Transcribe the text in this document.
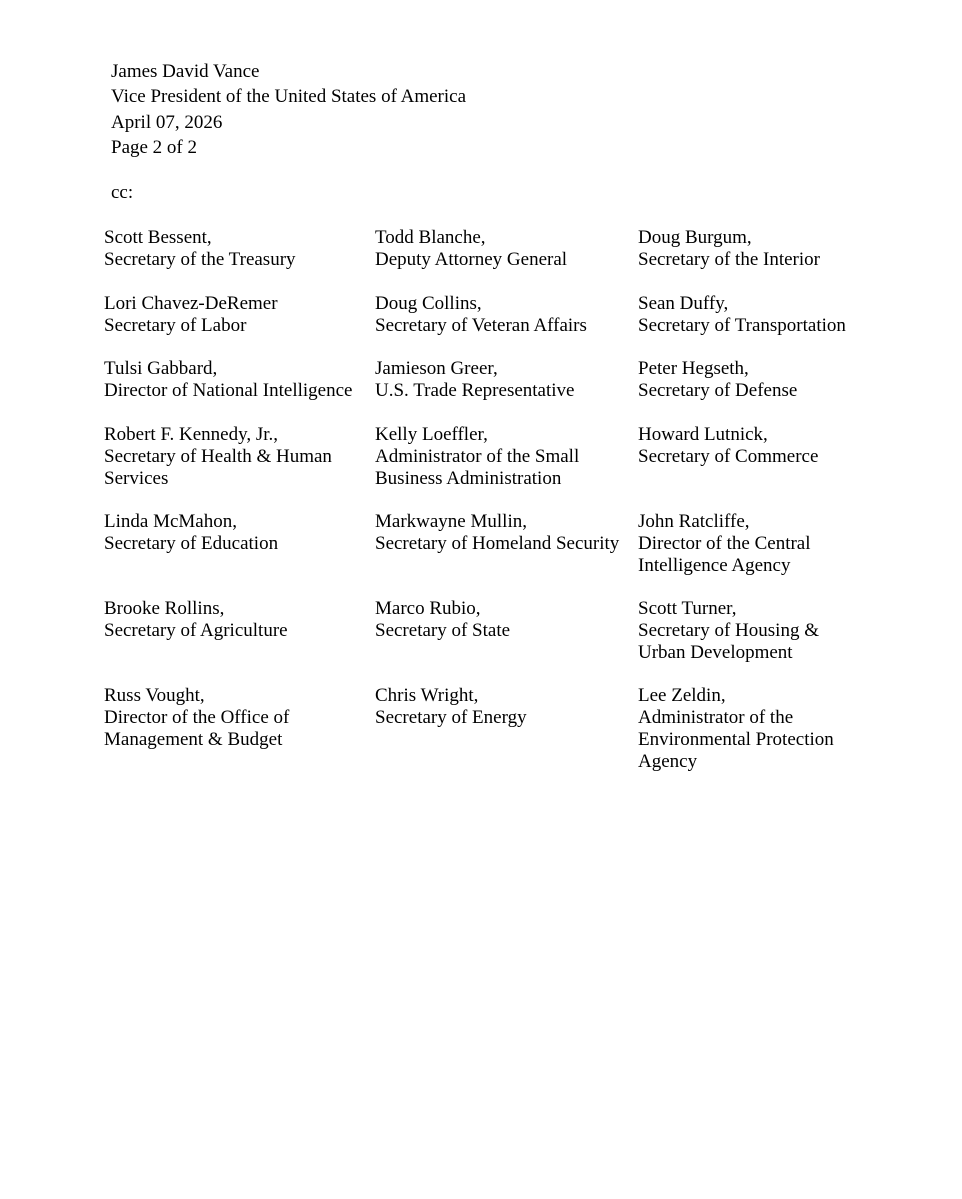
James David Vance
Vice President of the United States of America
April 07, 2026
Page 2 of 2
cc:
Scott Bessent,
Secretary of the Treasury
Todd Blanche,
Deputy Attorney General
Doug Burgum,
Secretary of the Interior
Lori Chavez-DeRemer
Secretary of Labor
Doug Collins,
Secretary of Veteran Affairs
Sean Duffy,
Secretary of Transportation
Tulsi Gabbard,
Director of National Intelligence
Jamieson Greer,
U.S. Trade Representative
Peter Hegseth,
Secretary of Defense
Robert F. Kennedy, Jr.,
Secretary of Health & Human
Services
Kelly Loeffler,
Administrator of the Small
Business Administration
Howard Lutnick,
Secretary of Commerce
Linda McMahon,
Secretary of Education
Markwayne Mullin,
Secretary of Homeland Security
John Ratcliffe,
Director of the Central
Intelligence Agency
Brooke Rollins,
Secretary of Agriculture
Marco Rubio,
Secretary of State
Scott Turner,
Secretary of Housing &
Urban Development
Russ Vought,
Director of the Office of
Management & Budget
Chris Wright,
Secretary of Energy
Lee Zeldin,
Administrator of the
Environmental Protection
Agency
